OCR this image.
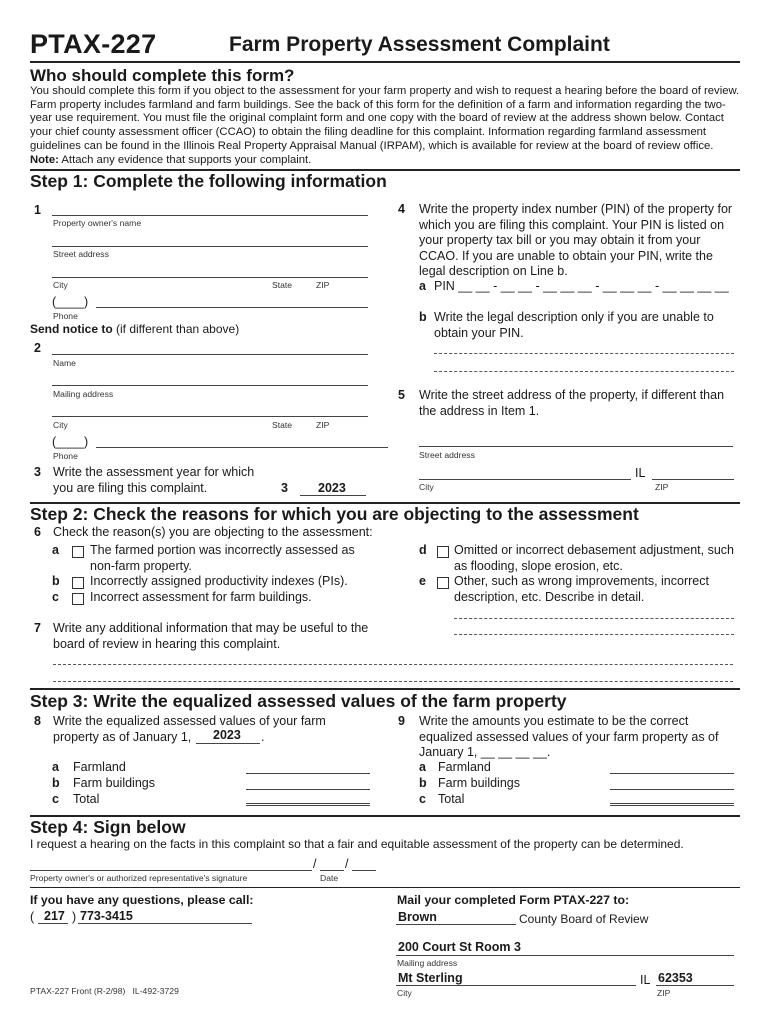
PTAX-227	Farm Property Assessment Complaint
Who should complete this form?
You should complete this form if you object to the assessment for your farm property and wish to request a hearing before the board of review. Farm property includes farmland and farm buildings. See the back of this form for the definition of a farm and information regarding the two-year use requirement. You must file the original complaint form and one copy with the board of review at the address shown below. Contact your chief county assessment officer (CCAO) to obtain the filing deadline for this complaint. Information regarding farmland assessment guidelines can be found in the Illinois Real Property Appraisal Manual (IRPAM), which is available for review at the board of review office. Note: Attach any evidence that supports your complaint.
Step 1: Complete the following information
1
Property owner's name
Street address
City	State	ZIP
(____)
Phone
Send notice to (if different than above)
2
Name
Mailing address
City	State	ZIP
(____)
Phone
3 Write the assessment year for which you are filing this complaint.	3 2023
4 Write the property index number (PIN) of the property for which you are filing this complaint. Your PIN is listed on your property tax bill or you may obtain it from your CCAO. If you are unable to obtain your PIN, write the legal description on Line b.
a PIN __ __ - __ __ - __ __ __ - __ __ __ - __ __ __ __
b Write the legal description only if you are unable to obtain your PIN.
5 Write the street address of the property, if different than the address in Item 1.
Street address
IL
City	ZIP
Step 2: Check the reasons for which you are objecting to the assessment
6 Check the reason(s) you are objecting to the assessment:
a The farmed portion was incorrectly assessed as non-farm property.
b Incorrectly assigned productivity indexes (PIs).
c Incorrect assessment for farm buildings.
d Omitted or incorrect debasement adjustment, such as flooding, slope erosion, etc.
e Other, such as wrong improvements, incorrect description, etc. Describe in detail.
7 Write any additional information that may be useful to the board of review in hearing this complaint.
Step 3: Write the equalized assessed values of the farm property
8 Write the equalized assessed values of your farm
property as of January 1, 2023 .
a Farmland
b Farm buildings
c Total
9 Write the amounts you estimate to be the correct equalized assessed values of your farm property as of January 1, __ __ __ __.
a Farmland
b Farm buildings
c Total
Step 4: Sign below
I request a hearing on the facts in this complaint so that a fair and equitable assessment of the property can be determined.
/ /
Property owner's or authorized representative's signature	Date
If you have any questions, please call:
( 217 ) 773-3415
Mail your completed Form PTAX-227 to:
Brown	County Board of Review
200 Court St Room 3
Mailing address
Mt Sterling	IL 62353
City	ZIP
PTAX-227 Front (R-2/98)   IL-492-3729
